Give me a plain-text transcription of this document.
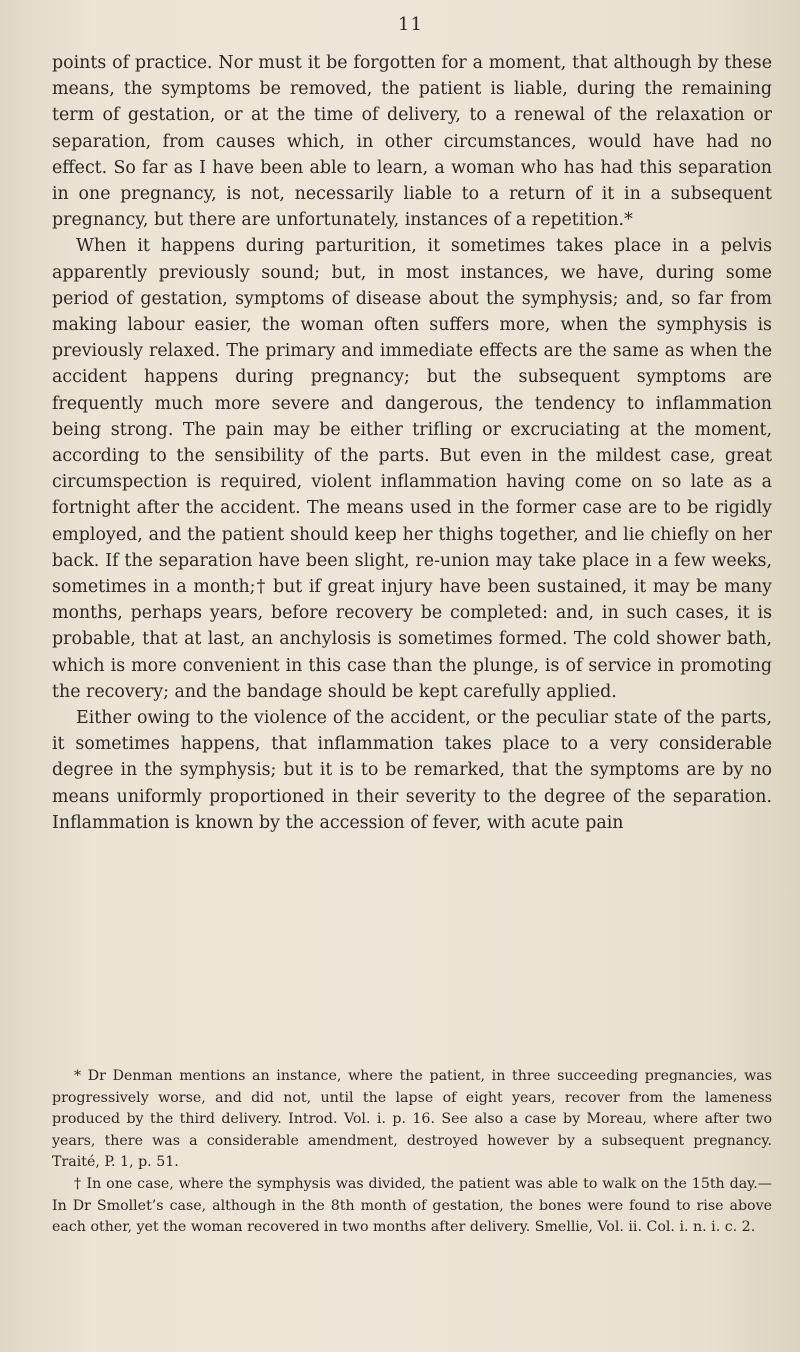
11

points of practice. Nor must it be forgotten for a moment, that although by these means, the symptoms be removed, the patient is liable, during the remaining term of gestation, or at the time of delivery, to a renewal of the relaxation or separation, from causes which, in other circumstances, would have had no effect. So far as I have been able to learn, a woman who has had this separation in one pregnancy, is not, necessarily liable to a return of it in a subsequent pregnancy, but there are unfortunately, instances of a repetition.*

When it happens during parturition, it sometimes takes place in a pelvis apparently previously sound; but, in most instances, we have, during some period of gestation, symptoms of disease about the symphysis; and, so far from making labour easier, the woman often suffers more, when the symphysis is previously relaxed. The primary and immediate effects are the same as when the accident happens during pregnancy; but the subsequent symptoms are frequently much more severe and dangerous, the tendency to inflammation being strong. The pain may be either trifling or excruciating at the moment, according to the sensibility of the parts. But even in the mildest case, great circumspection is required, violent inflammation having come on so late as a fortnight after the accident. The means used in the former case are to be rigidly employed, and the patient should keep her thighs together, and lie chiefly on her back. If the separation have been slight, re-union may take place in a few weeks, sometimes in a month;† but if great injury have been sustained, it may be many months, perhaps years, before recovery be completed: and, in such cases, it is probable, that at last, an anchylosis is sometimes formed. The cold shower bath, which is more convenient in this case than the plunge, is of service in promoting the recovery; and the bandage should be kept carefully applied.

Either owing to the violence of the accident, or the peculiar state of the parts, it sometimes happens, that inflammation takes place to a very considerable degree in the symphysis; but it is to be remarked, that the symptoms are by no means uniformly proportioned in their severity to the degree of the separation. Inflammation is known by the accession of fever, with acute pain

* Dr Denman mentions an instance, where the patient, in three succeeding pregnancies, was progressively worse, and did not, until the lapse of eight years, recover from the lameness produced by the third delivery. Introd. Vol. i. p. 16. See also a case by Moreau, where after two years, there was a considerable amendment, destroyed however by a subsequent pregnancy. Traité, P. 1, p. 51.

† In one case, where the symphysis was divided, the patient was able to walk on the 15th day.—In Dr Smollet’s case, although in the 8th month of gestation, the bones were found to rise above each other, yet the woman recovered in two months after delivery. Smellie, Vol. ii. Col. i. n. i. c. 2.
